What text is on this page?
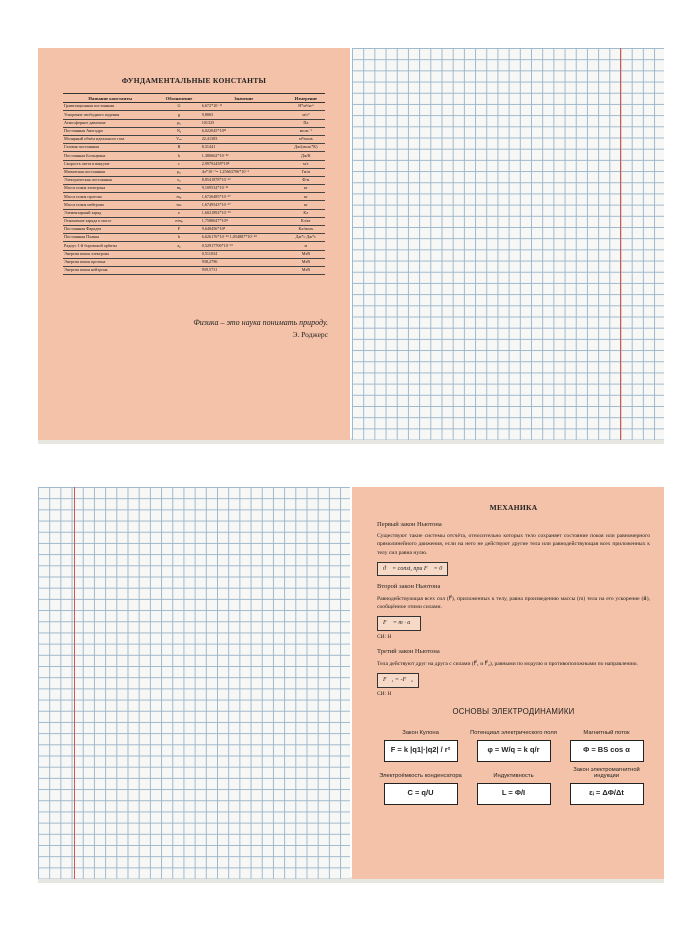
ФУНДАМЕНТАЛЬНЫЕ КОНСТАНТЫ
Название константы	Обозначение	Значение	Измерение
Гравитационная постоянная	G	6,672*10⁻¹¹	Н*м²/кг²
Ускорение свободного падения	g	9,8065	м/с²
Атмосферное давление	p₀	101325	Па
Постоянная Авогадро	Nₐ	6,022045*10²³	моль⁻¹
Молярный объём идеального газа	Vₘ	22,41383	м³/моль
Газовая постоянная	R	8,31441	Дж/(моль*К)
Постоянная Больцмана	k	1,380662*10⁻²³	Дж/К
Скорость света в вакууме	c	2,99792458*10⁸	м/с
Магнитная постоянная	μ₀	4π*10⁻⁷= 1,25663706*10⁻⁶	Гн/м
Электрическая постоянная	ε₀	8,8541878*10⁻¹²	Ф/м
Масса покоя электрона	mₑ	9,109534*10⁻³¹	кг
Масса покоя протона	mₚ	1,6726485*10⁻²⁷	кг
Масса покоя нейтрона	mₙ	1,6749543*10⁻²⁷	кг
Элементарный заряд	e	1,6021892*10⁻¹⁹	Кл
Отношение заряда к массе	e/mₑ	1,7588047*10¹¹	Кл/кг
Постоянная Фарадея	F	9,648456*10⁴	Кл/моль
Постоянная Планка	h	6,626176*10⁻³⁴ 1,054887*10⁻³⁴	Дж*с Дж*с
Радиус 1-й боровской орбиты	a₀	0,52917706*10⁻¹⁰	м
Энергия покоя электрона		0,511034	МэВ
Энергия покоя протона		938,2796	МэВ
Энергия покоя нейтрона		939,5731	МэВ
Физика – это наука понимать природу.
Э. Роджерс
МЕХАНИКА
Первый закон Ньютона
Существуют такие системы отсчёта, относительно которых тело сохраняет состояние покоя или равномерного прямолинейного движения, если на него не действуют другие тела или равнодействующая всех приложенных к телу сил равна нулю.
ϑ⃗ = const, при F⃗ = 0
Второй закон Ньютона
Равнодействующая всех сил (F⃗), приложенных к телу, равна произведению массы (m) тела на его ускорение (a⃗), сообщённое этими силами.
F⃗ = m · a⃗
СИ: Н
Третий закон Ньютона
Тела действуют друг на друга с силами (F⃗₁ и F⃗₂), равными по модулю и противоположными по направлению.
F⃗₁ = -F⃗₂
СИ: Н
ОСНОВЫ ЭЛЕКТРОДИНАМИКИ
Закон Кулона
F = k |q1|·|q2| / r²
Потенциал электрического поля
φ = W/q = k q/r
Магнитный поток
Φ = BS cos α
Электроёмкость конденсатора
C = q/U
Индуктивность
L = Φ/I
Закон электромагнитной индукции
εᵢ = ΔΦ/Δt
